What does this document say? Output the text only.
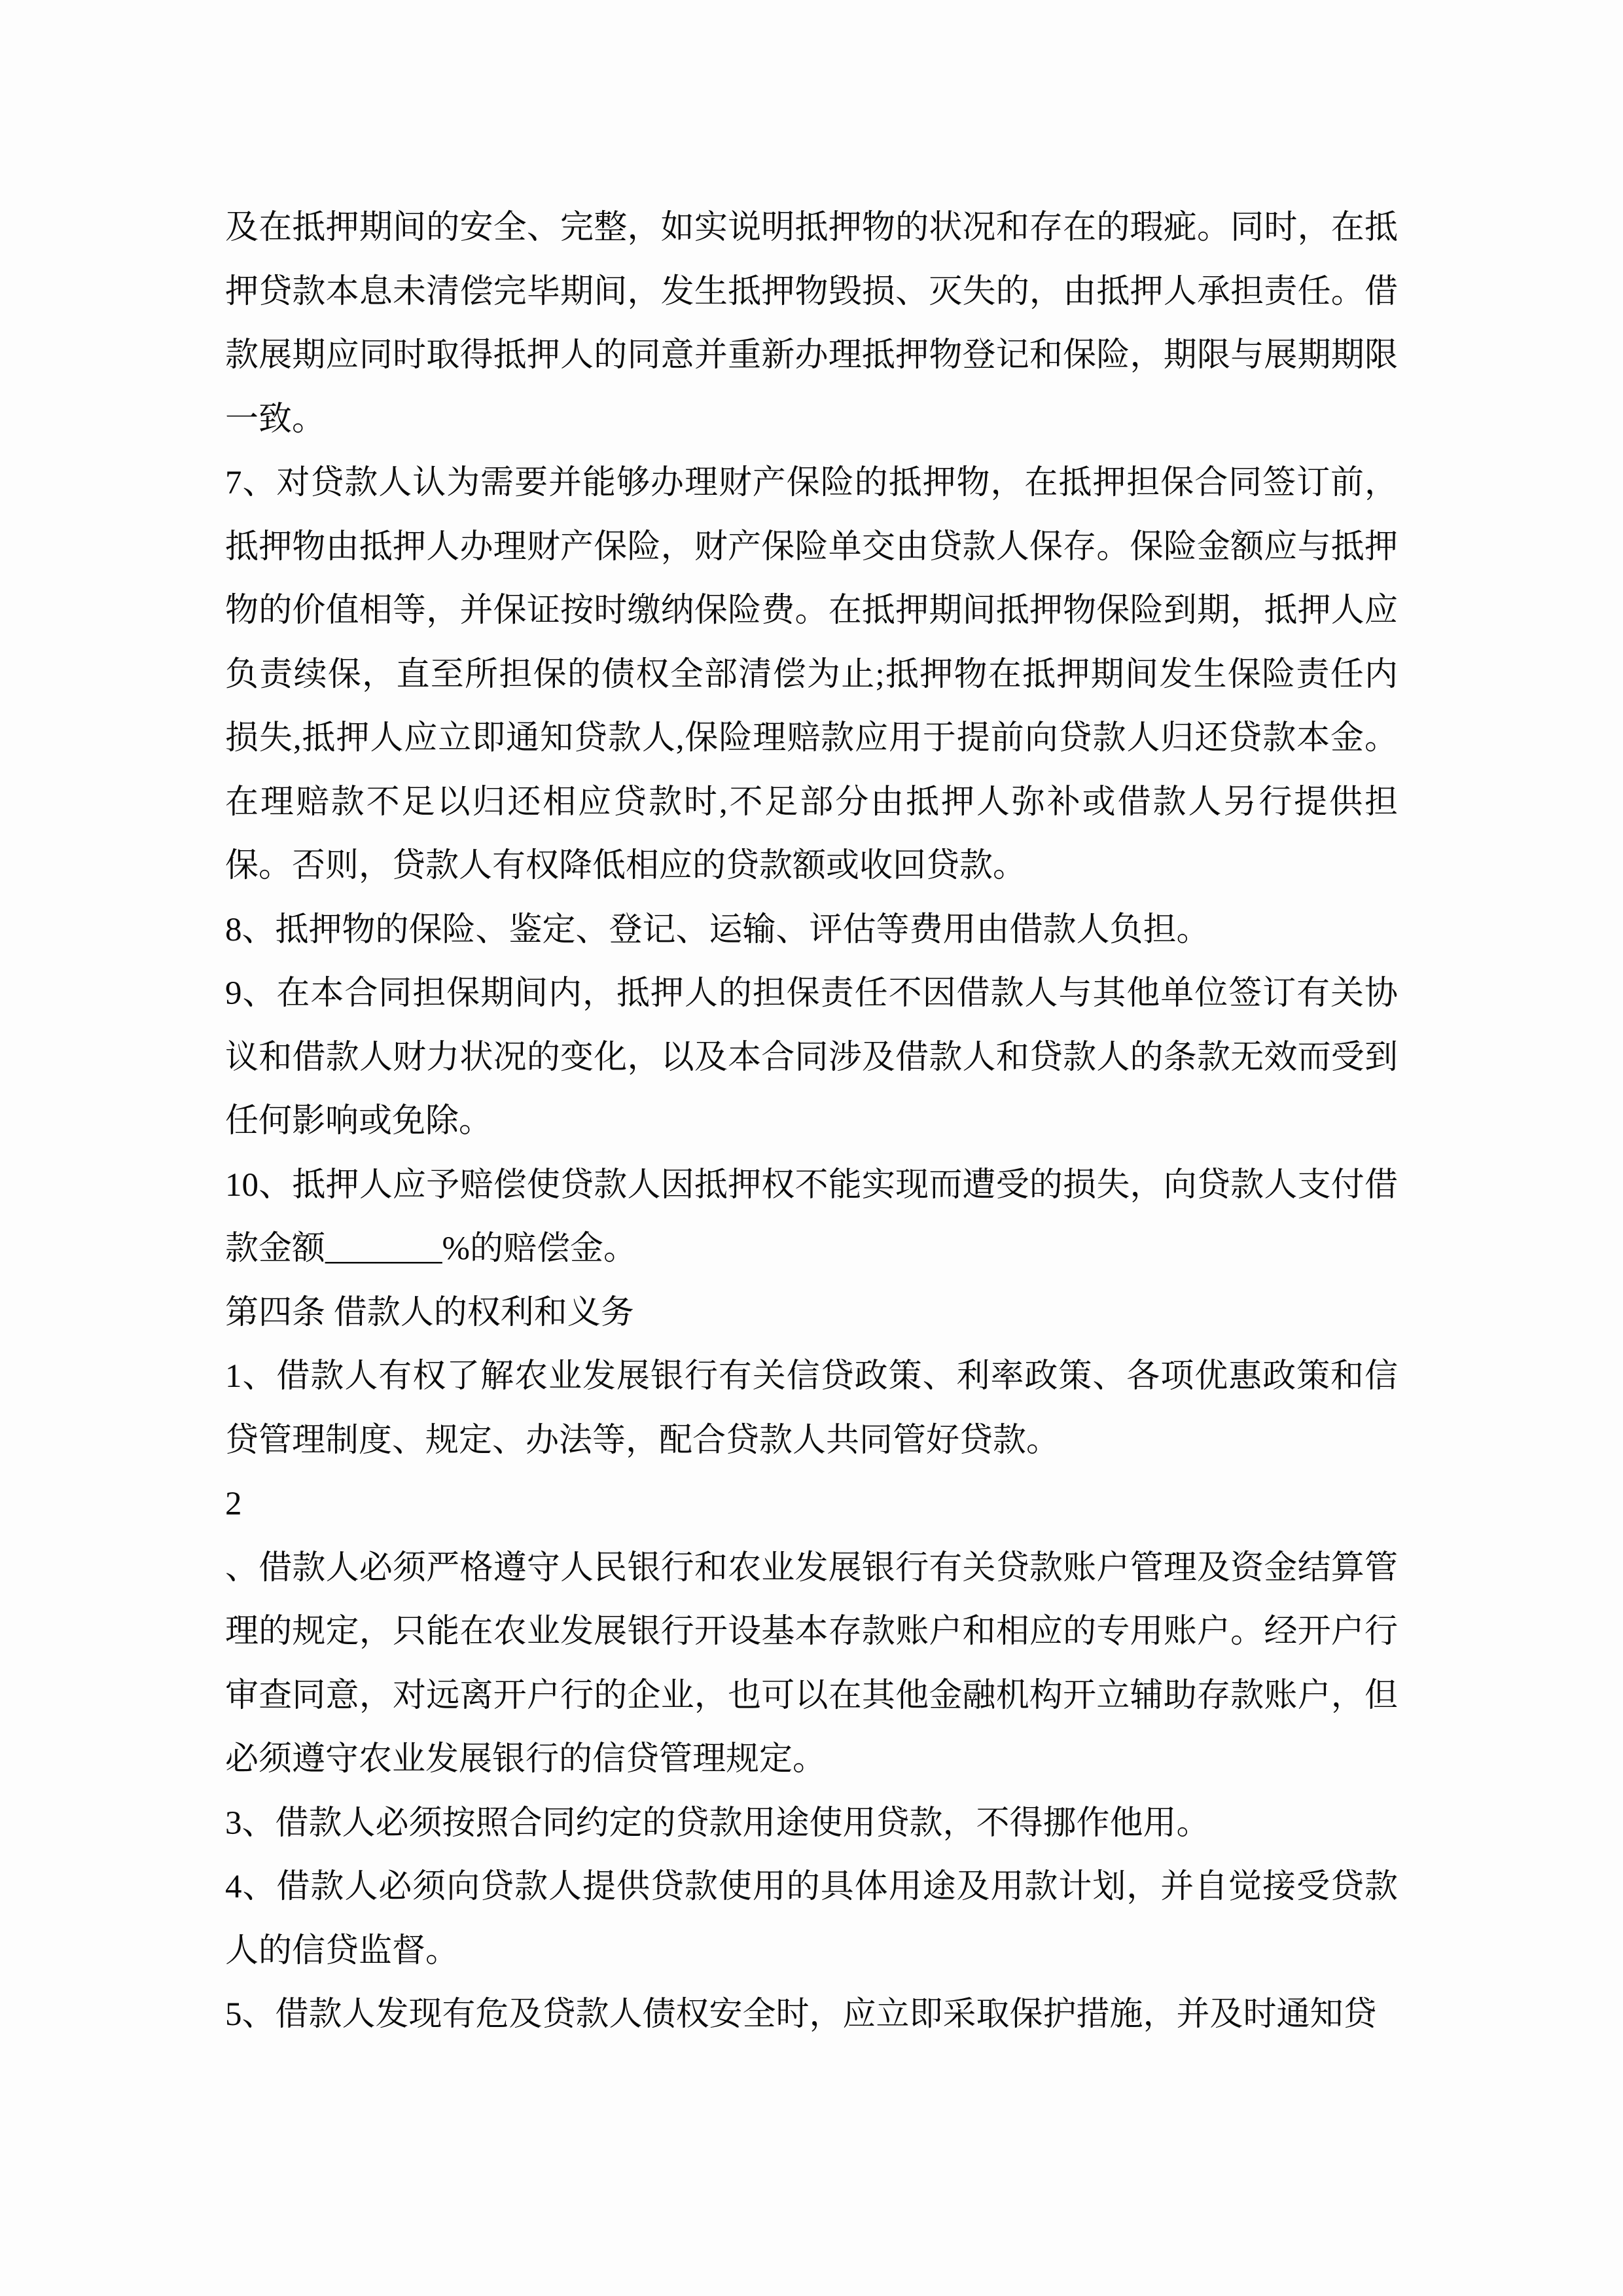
及在抵押期间的安全、完整，如实说明抵押物的状况和存在的瑕疵。同时，在抵押贷款本息未清偿完毕期间，发生抵押物毁损、灭失的，由抵押人承担责任。借款展期应同时取得抵押人的同意并重新办理抵押物登记和保险，期限与展期期限一致。

7、对贷款人认为需要并能够办理财产保险的抵押物，在抵押担保合同签订前，抵押物由抵押人办理财产保险，财产保险单交由贷款人保存。保险金额应与抵押物的价值相等，并保证按时缴纳保险费。在抵押期间抵押物保险到期，抵押人应负责续保，直至所担保的债权全部清偿为止;抵押物在抵押期间发生保险责任内损失,抵押人应立即通知贷款人,保险理赔款应用于提前向贷款人归还贷款本金。在理赔款不足以归还相应贷款时,不足部分由抵押人弥补或借款人另行提供担保。否则，贷款人有权降低相应的贷款额或收回贷款。

8、抵押物的保险、鉴定、登记、运输、评估等费用由借款人负担。

9、在本合同担保期间内，抵押人的担保责任不因借款人与其他单位签订有关协议和借款人财力状况的变化，以及本合同涉及借款人和贷款人的条款无效而受到任何影响或免除。

10、抵押人应予赔偿使贷款人因抵押权不能实现而遭受的损失，向贷款人支付借款金额_______%的赔偿金。

第四条 借款人的权利和义务

1、借款人有权了解农业发展银行有关信贷政策、利率政策、各项优惠政策和信贷管理制度、规定、办法等，配合贷款人共同管好贷款。

2

、借款人必须严格遵守人民银行和农业发展银行有关贷款账户管理及资金结算管理的规定，只能在农业发展银行开设基本存款账户和相应的专用账户。经开户行审查同意，对远离开户行的企业，也可以在其他金融机构开立辅助存款账户，但必须遵守农业发展银行的信贷管理规定。

3、借款人必须按照合同约定的贷款用途使用贷款，不得挪作他用。

4、借款人必须向贷款人提供贷款使用的具体用途及用款计划，并自觉接受贷款人的信贷监督。

5、借款人发现有危及贷款人债权安全时，应立即采取保护措施，并及时通知贷
